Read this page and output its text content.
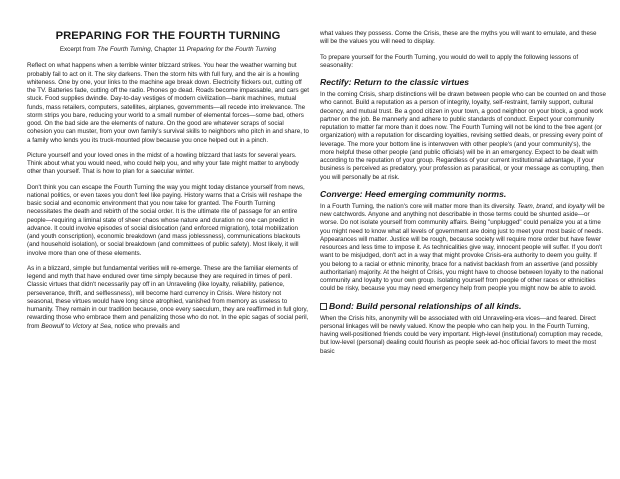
PREPARING FOR THE FOURTH TURNING
Excerpt from The Fourth Turning, Chapter 11 Preparing for the Fourth Turning

Reflect on what happens when a terrible winter blizzard strikes. You hear the weather warning but probably fail to act on it. The sky darkens. Then the storm hits with full fury, and the air is a howling whiteness. One by one, your links to the machine age break down. Electricity flickers out, cutting off the TV. Batteries fade, cutting off the radio. Phones go dead. Roads become impassable, and cars get stuck. Food supplies dwindle. Day-to-day vestiges of modern civilization—bank machines, mutual funds, mass retailers, computers, satellites, airplanes, governments—all recede into irrelevance. The storm strips you bare, reducing your world to a small number of elemental forces—some bad, others good. On the bad side are the elements of nature. On the good are whatever scraps of social cohesion you can muster, from your own family's survival skills to neighbors who pitch in and share, to a family who lends you its truck-mounted plow because you once helped out in a pinch.

Picture yourself and your loved ones in the midst of a howling blizzard that lasts for several years. Think about what you would need, who could help you, and why your fate might matter to anybody other than yourself. That is how to plan for a saecular winter.

Don't think you can escape the Fourth Turning the way you might today distance yourself from news, national politics, or even taxes you don't feel like paying. History warns that a Crisis will reshape the basic social and economic environment that you now take for granted. The Fourth Turning necessitates the death and rebirth of the social order. It is the ultimate rite of passage for an entire people—requiring a liminal state of sheer chaos whose nature and duration no one can predict in advance. It could involve episodes of social dislocation (and enforced migration), total mobilization (and youth conscription), economic breakdown (and mass joblessness), communications blackouts (and household isolation), or social breakdown (and committees of public safety). Most likely, it will involve more than one of these elements.

As in a blizzard, simple but fundamental verities will re-emerge. These are the familiar elements of legend and myth that have endured over time simply because they are required in times of peril. Classic virtues that didn't necessarily pay off in an Unraveling (like loyalty, reliability, patience, perseverance, thrift, and selflessness), will become hard currency in Crisis. Were history not seasonal, these virtues would have long since atrophied, vanished from memory as useless to humanity. They remain in our tradition because, once every saeculum, they are reaffirmed in full glory, rewarding those who embrace them and penalizing those who do not. In the epic sagas of social peril, from Beowulf to Victory at Sea, notice who prevails and

what values they possess. Come the Crisis, these are the myths you will want to emulate, and these will be the values you will need to display.

To prepare yourself for the Fourth Turning, you would do well to apply the following lessons of seasonality:

Rectify: Return to the classic virtues

In the coming Crisis, sharp distinctions will be drawn between people who can be counted on and those who cannot. Build a reputation as a person of integrity, loyalty, self-restraint, family support, cultural decency, and mutual trust. Be a good citizen in your town, a good neighbor on your block, a good work partner on the job. Be mannerly and adhere to public standards of conduct. Expect your community reputation to matter far more than it does now. The Fourth Turning will not be kind to the free agent (or organization) with a reputation for discarding loyalties, revising settled deals, or pressing every point of leverage. The more your bottom line is interwoven with other people's (and your community's), the more helpful these other people (and public officials) will be in an emergency. Expect to be dealt with according to the reputation of your group. Regardless of your current institutional advantage, if your business is perceived as predatory, your profession as parasitical, or your message as corrupting, then you will personally be at risk.

Converge: Heed emerging community norms.

In a Fourth Turning, the nation's core will matter more than its diversity. Team, brand, and loyalty will be new catchwords. Anyone and anything not describable in those terms could be shunted aside—or worse. Do not isolate yourself from community affairs. Being "unplugged" could penalize you at a time you might need to know what all levels of government are doing just to meet your most basic of needs. Appearances will matter. Justice will be rough, because society will require more order but have fewer resources and less time to impose it. As technicalities give way, innocent people will suffer. If you don't want to be misjudged, don't act in a way that might provoke Crisis-era authority to deem you guilty. If you belong to a racial or ethnic minority, brace for a nativist backlash from an assertive (and possibly authoritarian) majority. At the height of Crisis, you might have to choose between loyalty to the national community and loyalty to your own group. Isolating yourself from people of other races or ethnicities could be risky, because you may need emergency help from people you might now be able to avoid.

Bond: Build personal relationships of all kinds.

When the Crisis hits, anonymity will be associated with old Unraveling-era vices—and feared. Direct personal linkages will be newly valued. Know the people who can help you. In the Fourth Turning, having well-positioned friends could be very important. High-level (institutional) corruption may recede, but low-level (personal) dealing could flourish as people seek ad-hoc official favors to meet the most basic
